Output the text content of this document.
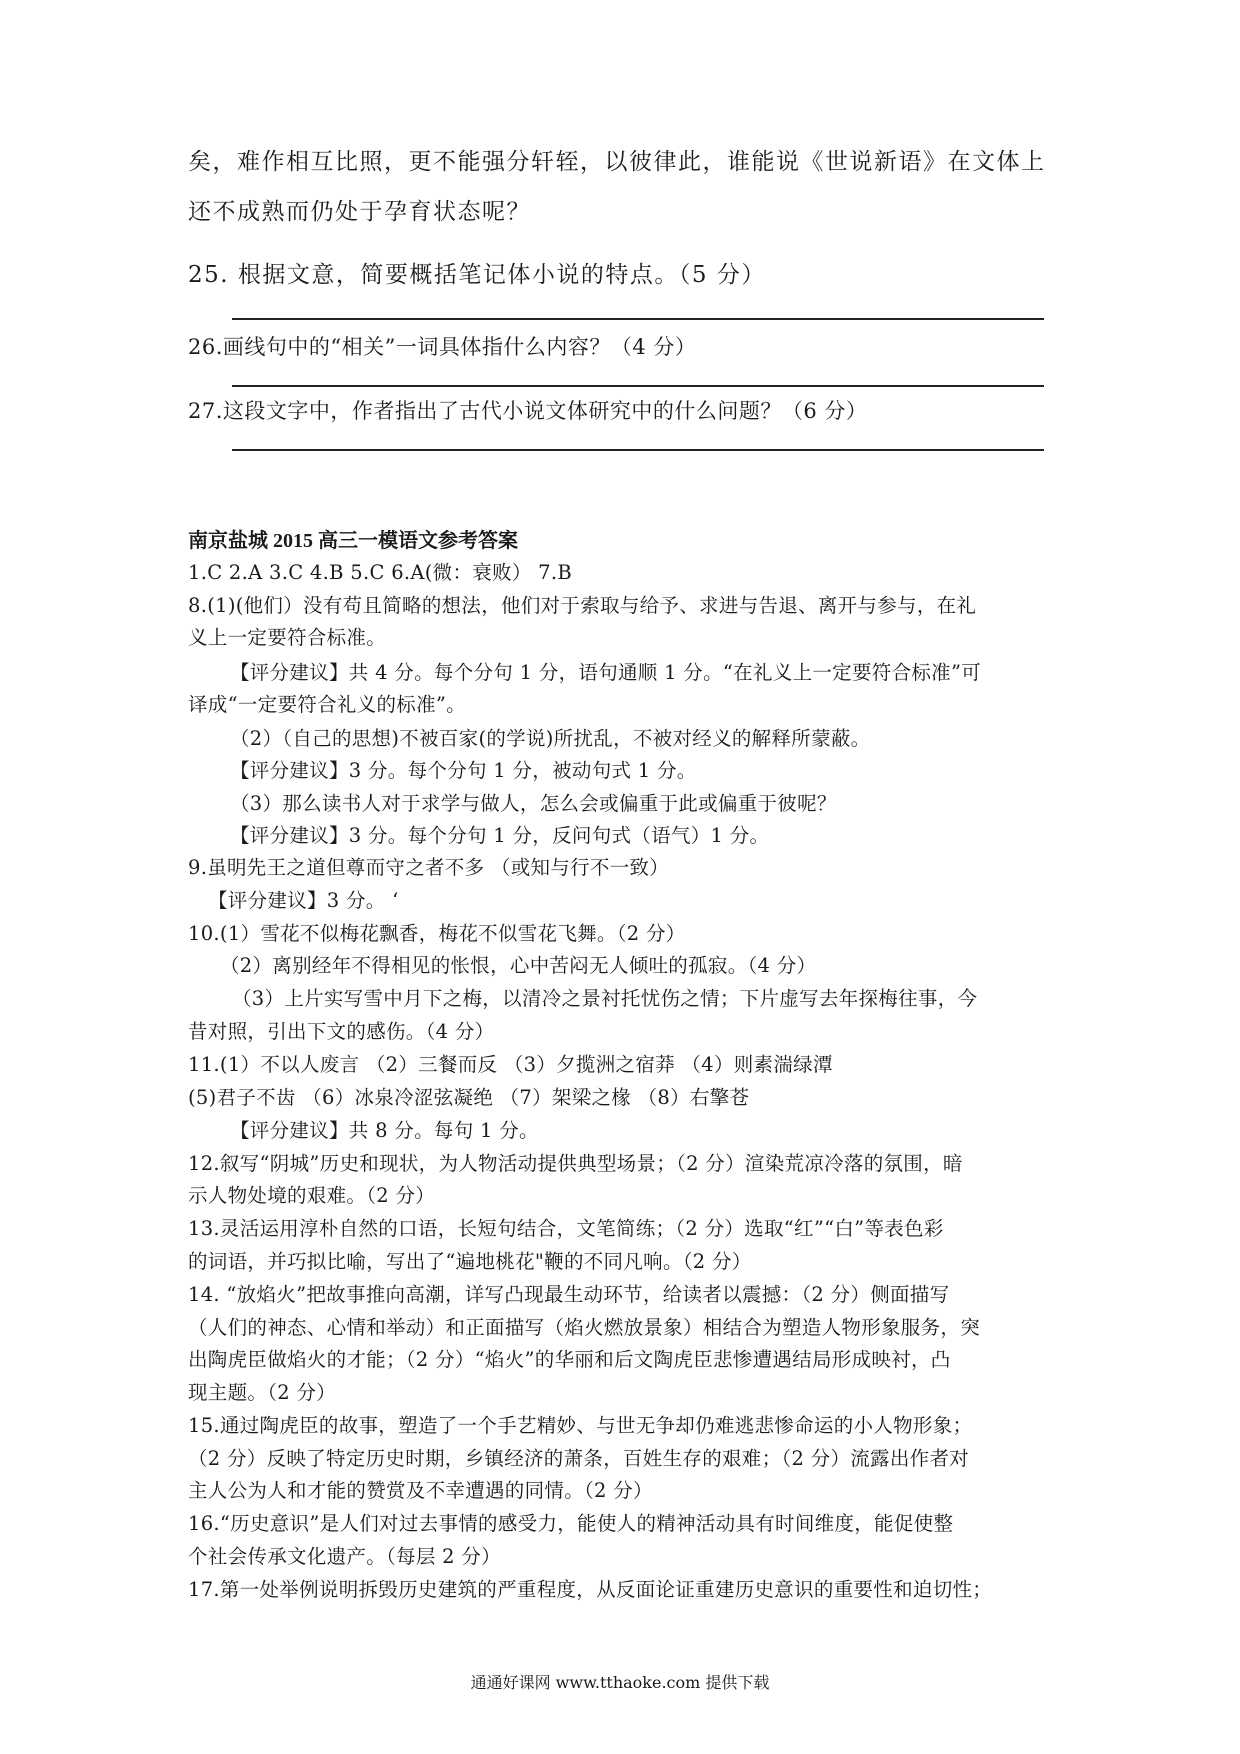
矣，难作相互比照，更不能强分轩轾，以彼律此，谁能说《世说新语》在文体上
还不成熟而仍处于孕育状态呢？
25. 根据文意，简要概括笔记体小说的特点。（5 分）
26.画线句中的“相关”一词具体指什么内容？（4 分）
27.这段文字中，作者指出了古代小说文体研究中的什么问题？（6 分）
南京盐城 2015 高三一模语文参考答案
1.C 2.A 3.C 4.B 5.C 6.A(微：衰败） 7.B
8.(1)(他们）没有苟且简略的想法，他们对于索取与给予、求进与告退、离开与参与，在礼
义上一定要符合标准。
【评分建议】共 4 分。每个分句 1 分，语句通顺 1 分。“在礼义上一定要符合标准”可
译成“一定要符合礼义的标准”。
（2）（自己的思想)不被百家(的学说)所扰乱，不被对经义的解释所蒙蔽。
【评分建议】3 分。每个分句 1 分，被动句式 1 分。
（3）那么读书人对于求学与做人，怎么会或偏重于此或偏重于彼呢？
【评分建议】3 分。每个分句 1 分，反问句式（语气）1 分。
9.虽明先王之道但尊而守之者不多 （或知与行不一致）
【评分建议】3 分。 ‘
10.(1）雪花不似梅花飘香，梅花不似雪花飞舞。（2 分）
（2）离别经年不得相见的怅恨，心中苦闷无人倾吐的孤寂。（4 分）
（3）上片实写雪中月下之梅，以清冷之景衬托忧伤之情；下片虚写去年探梅往事，今
昔对照，引出下文的感伤。（4 分）
11.(1）不以人废言 （2）三餐而反 （3）夕揽洲之宿莽 （4）则素湍绿潭
(5)君子不齿 （6）冰泉冷涩弦凝绝 （7）架梁之椽 （8）右擎苍
【评分建议】共 8 分。每句 1 分。
12.叙写“阴城”历史和现状，为人物活动提供典型场景；（2 分）渲染荒凉冷落的氛围，暗
示人物处境的艰难。（2 分）
13.灵活运用淳朴自然的口语，长短句结合，文笔简练；（2 分）选取“红”“白”等表色彩
的词语，并巧拟比喻，写出了“遍地桃花"鞭的不同凡响。（2 分）
14. “放焰火”把故事推向高潮，详写凸现最生动环节，给读者以震撼：（2 分）侧面描写
（人们的神态、心情和举动）和正面描写（焰火燃放景象）相结合为塑造人物形象服务，突
出陶虎臣做焰火的才能；（2 分）“焰火”的华丽和后文陶虎臣悲惨遭遇结局形成映衬，凸
现主题。（2 分）
15.通过陶虎臣的故事，塑造了一个手艺精妙、与世无争却仍难逃悲惨命运的小人物形象；
（2 分）反映了特定历史时期，乡镇经济的萧条，百姓生存的艰难；（2 分）流露出作者对
主人公为人和才能的赞赏及不幸遭遇的同情。（2 分）
16.“历史意识”是人们对过去事情的感受力，能使人的精神活动具有时间维度，能促使整
个社会传承文化遗产。（每层 2 分）
17.第一处举例说明拆毁历史建筑的严重程度，从反面论证重建历史意识的重要性和迫切性；
通通好课网 www.tthaoke.com 提供下载
